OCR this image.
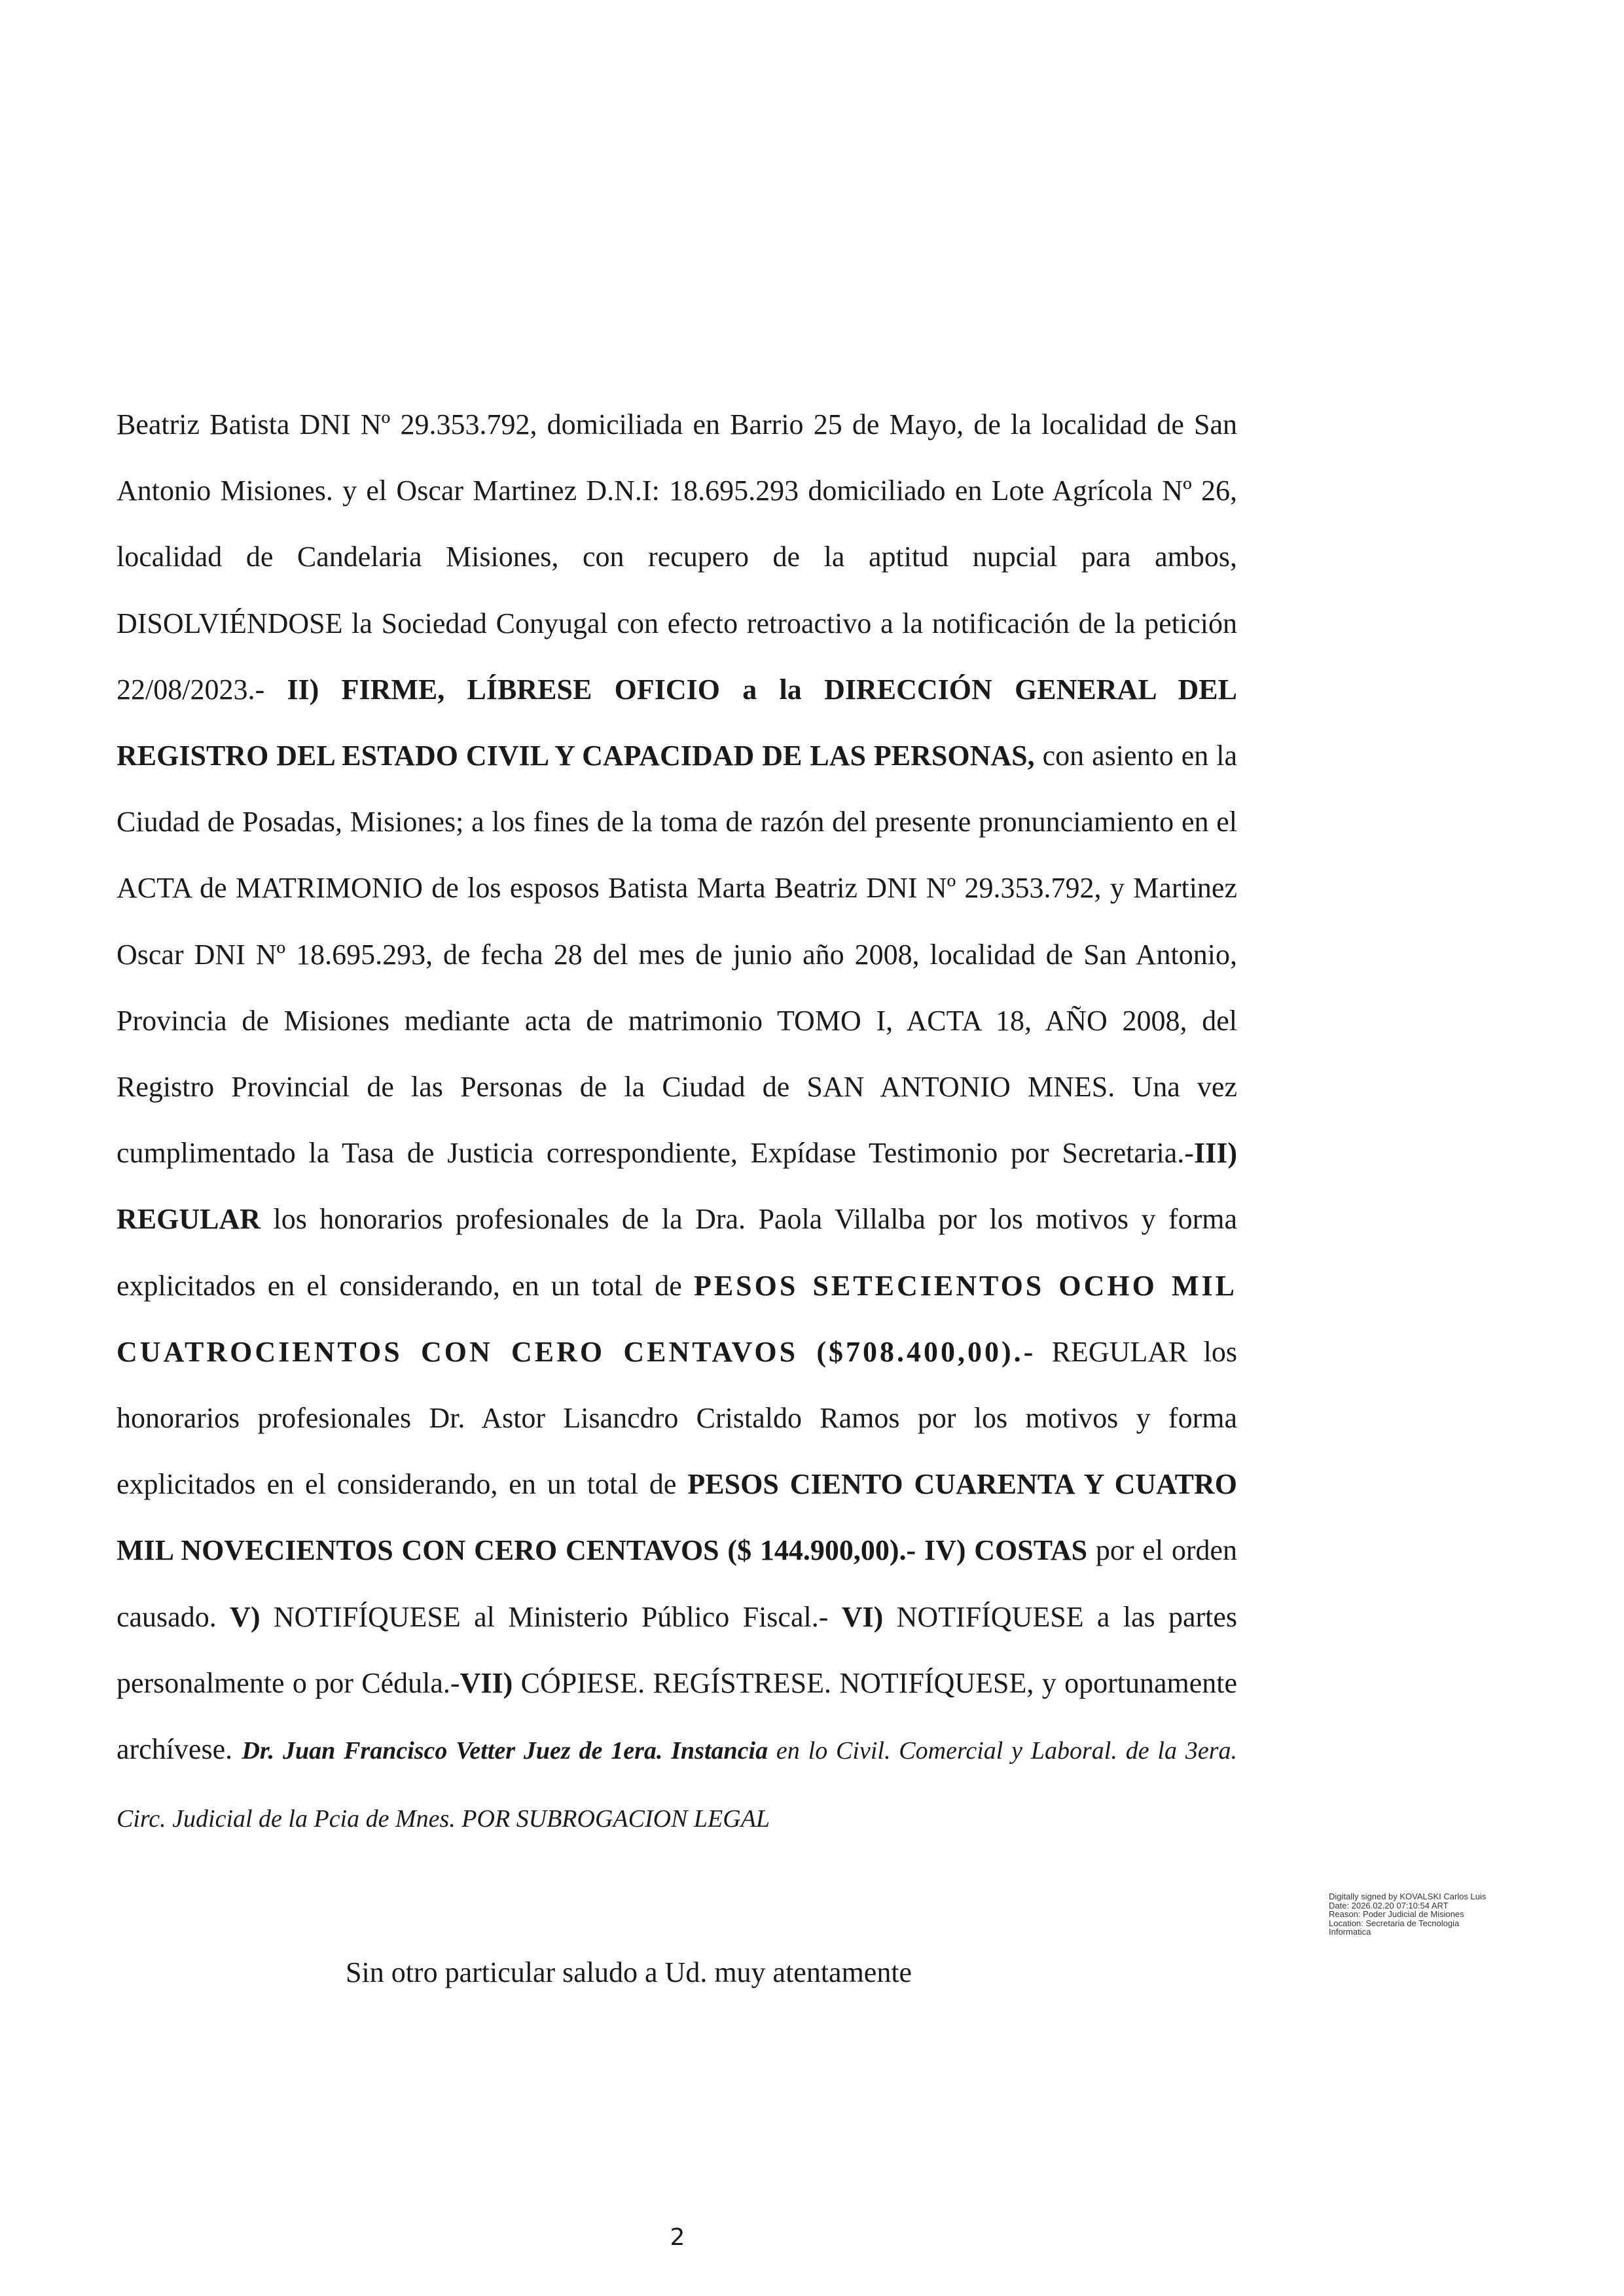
Beatriz Batista DNI Nº 29.353.792, domiciliada en Barrio 25 de Mayo, de la localidad de San Antonio Misiones. y el Oscar Martinez D.N.I: 18.695.293 domiciliado en Lote Agrícola Nº 26, localidad de Candelaria Misiones, con recupero de la aptitud nupcial para ambos, DISOLVIÉNDOSE la Sociedad Conyugal con efecto retroactivo a la notificación de la petición 22/08/2023.- II) FIRME, LÍBRESE OFICIO a la DIRECCIÓN GENERAL DEL REGISTRO DEL ESTADO CIVIL Y CAPACIDAD DE LAS PERSONAS, con asiento en la Ciudad de Posadas, Misiones; a los fines de la toma de razón del presente pronunciamiento en el ACTA de MATRIMONIO de los esposos Batista Marta Beatriz DNI Nº 29.353.792, y Martinez Oscar DNI Nº 18.695.293, de fecha 28 del mes de junio año 2008, localidad de San Antonio, Provincia de Misiones mediante acta de matrimonio TOMO I, ACTA 18, AÑO 2008, del Registro Provincial de las Personas de la Ciudad de SAN ANTONIO MNES. Una vez cumplimentado la Tasa de Justicia correspondiente, Expídase Testimonio por Secretaria.-III) REGULAR los honorarios profesionales de la Dra. Paola Villalba por los motivos y forma explicitados en el considerando, en un total de PESOS SETECIENTOS OCHO MIL CUATROCIENTOS CON CERO CENTAVOS ($708.400,00).- REGULAR los honorarios profesionales Dr. Astor Lisancdro Cristaldo Ramos por los motivos y forma explicitados en el considerando, en un total de PESOS CIENTO CUARENTA Y CUATRO MIL NOVECIENTOS CON CERO CENTAVOS ($ 144.900,00).- IV) COSTAS por el orden causado. V) NOTIFÍQUESE al Ministerio Público Fiscal.- VI) NOTIFÍQUESE a las partes personalmente o por Cédula.-VII) CÓPIESE. REGÍSTRESE. NOTIFÍQUESE, y oportunamente archívese. Dr. Juan Francisco Vetter Juez de 1era. Instancia en lo Civil. Comercial y Laboral. de la 3era. Circ. Judicial de la Pcia de Mnes. POR SUBROGACION LEGAL

Digitally signed by KOVALSKI Carlos Luis
Date: 2026.02.20 07:10:54 ART
Reason: Poder Judicial de Misiones
Location: Secretaria de Tecnologia
Informatica
Sin otro particular saludo a Ud. muy atentamente
2
